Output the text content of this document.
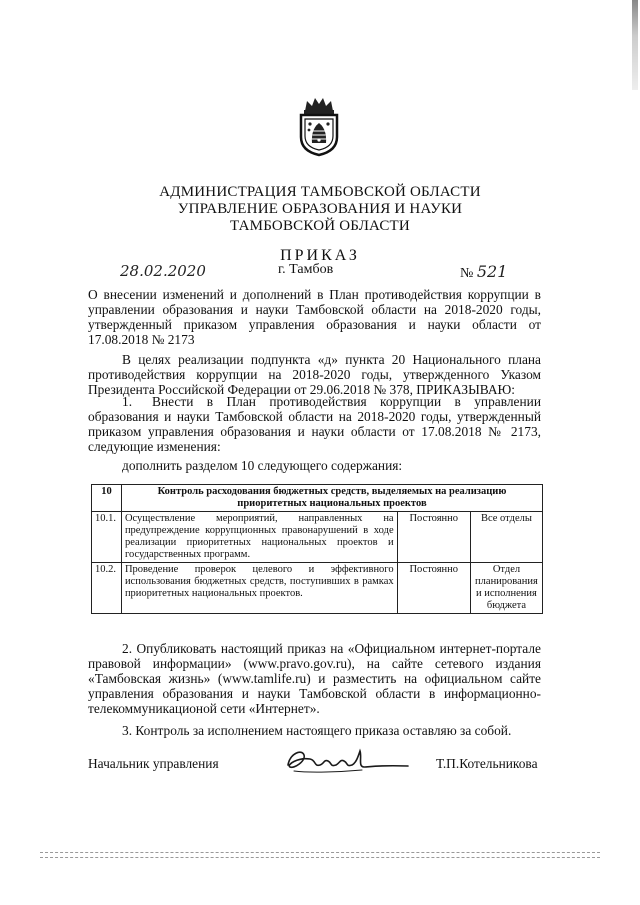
АДМИНИСТРАЦИЯ ТАМБОВСКОЙ ОБЛАСТИ
УПРАВЛЕНИЕ ОБРАЗОВАНИЯ И НАУКИ
ТАМБОВСКОЙ ОБЛАСТИ
ПРИКАЗ
28.02.2020	г. Тамбов	№ 521

О внесении изменений и дополнений в План противодействия коррупции в управлении образования и науки Тамбовской области на 2018-2020 годы, утвержденный приказом управления образования и науки области от 17.08.2018 № 2173

В целях реализации подпункта «д» пункта 20 Национального плана противодействия коррупции на 2018-2020 годы, утвержденного Указом Президента Российской Федерации от 29.06.2018 № 378, ПРИКАЗЫВАЮ:

1. Внести в План противодействия коррупции в управлении образования и науки Тамбовской области на 2018-2020 годы, утвержденный приказом управления образования и науки области от 17.08.2018 № 2173, следующие изменения:

дополнить разделом 10 следующего содержания:

10	Контроль расходования бюджетных средств, выделяемых на реализацию приоритетных национальных проектов		
10.1.	Осуществление мероприятий, направленных на предупреждение коррупционных правонарушений в ходе реализации приоритетных национальных проектов и государственных программ.	Постоянно	Все отделы
10.2.	Проведение проверок целевого и эффективного использования бюджетных средств, поступивших в рамках приоритетных национальных проектов.	Постоянно	Отдел планирования и исполнения бюджета

2. Опубликовать настоящий приказ на «Официальном интернет-портале правовой информации» (www.pravo.gov.ru), на сайте сетевого издания «Тамбовская жизнь» (www.tamlife.ru) и разместить на официальном сайте управления образования и науки Тамбовской области в информационно-телекоммуникационой сети «Интернет».

3. Контроль за исполнением настоящего приказа оставляю за собой.

Начальник управления	Т.П.Котельникова
